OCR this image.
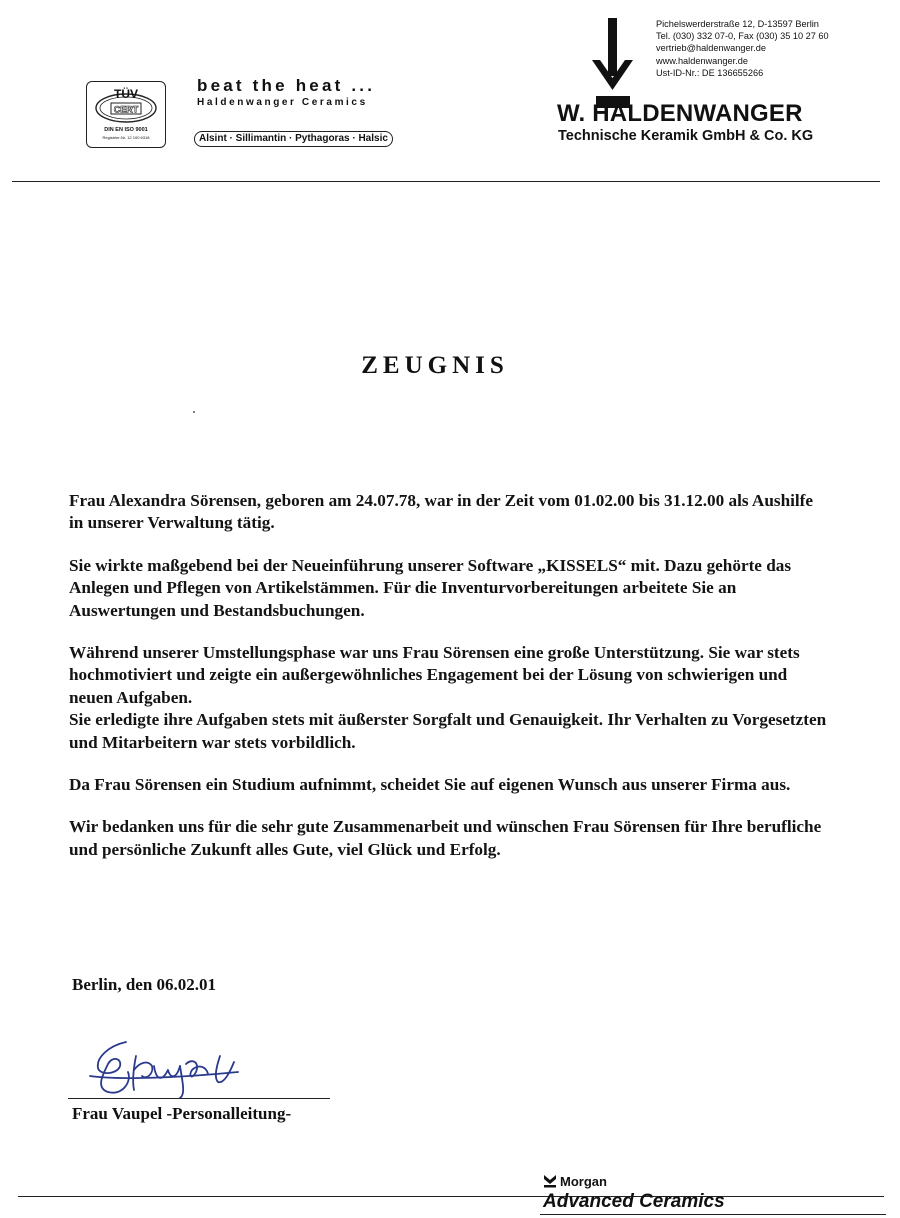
TÜV
CERT
DIN EN ISO 9001
Registrier-Nr. 12 100 6318
beat the heat ...
Haldenwanger Ceramics
Alsint · Sillimantin · Pythagoras · Halsic
Pichelswerderstraße 12, D-13597 Berlin
Tel. (030) 332 07-0, Fax (030) 35 10 27 60
vertrieb@haldenwanger.de
www.haldenwanger.de
Ust-ID-Nr.: DE 136655266
W. HALDENWANGER
Technische Keramik GmbH & Co. KG
ZEUGNIS

Frau Alexandra Sörensen, geboren am 24.07.78, war in der Zeit vom 01.02.00 bis 31.12.00 als Aushilfe in unserer Verwaltung tätig.

Sie wirkte maßgebend bei der Neueinführung unserer Software „KISSELS“ mit. Dazu gehörte das Anlegen und Pflegen von Artikelstämmen. Für die Inventurvorbereitungen arbeitete Sie an Auswertungen und Bestandsbuchungen.

Während unserer Umstellungsphase war uns Frau Sörensen eine große Unterstützung. Sie war stets hochmotiviert und zeigte ein außergewöhnliches Engagement bei der Lösung von schwierigen und neuen Aufgaben.

Sie erledigte ihre Aufgaben stets mit äußerster Sorgfalt und Genauigkeit. Ihr Verhalten zu Vorgesetzten und Mitarbeitern war stets vorbildlich.

Da Frau Sörensen ein Studium aufnimmt, scheidet Sie auf eigenen Wunsch aus unserer Firma aus.

Wir bedanken uns für die sehr gute Zusammenarbeit und wünschen Frau Sörensen für Ihre berufliche und persönliche Zukunft alles Gute, viel Glück und Erfolg.

Berlin, den 06.02.01
Frau Vaupel -Personalleitung-
Morgan
Advanced Ceramics
